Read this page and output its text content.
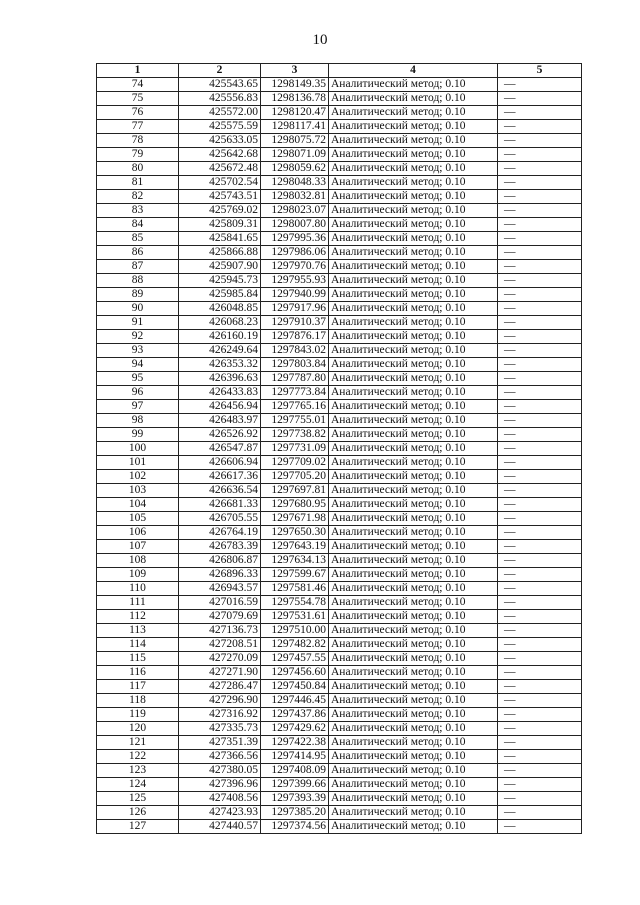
10
1	2	3	4	5
74	425543.65	1298149.35	Аналитический метод; 0.10	—
75	425556.83	1298136.78	Аналитический метод; 0.10	—
76	425572.00	1298120.47	Аналитический метод; 0.10	—
77	425575.59	1298117.41	Аналитический метод; 0.10	—
78	425633.05	1298075.72	Аналитический метод; 0.10	—
79	425642.68	1298071.09	Аналитический метод; 0.10	—
80	425672.48	1298059.62	Аналитический метод; 0.10	—
81	425702.54	1298048.33	Аналитический метод; 0.10	—
82	425743.51	1298032.81	Аналитический метод; 0.10	—
83	425769.02	1298023.07	Аналитический метод; 0.10	—
84	425809.31	1298007.80	Аналитический метод; 0.10	—
85	425841.65	1297995.36	Аналитический метод; 0.10	—
86	425866.88	1297986.06	Аналитический метод; 0.10	—
87	425907.90	1297970.76	Аналитический метод; 0.10	—
88	425945.73	1297955.93	Аналитический метод; 0.10	—
89	425985.84	1297940.99	Аналитический метод; 0.10	—
90	426048.85	1297917.96	Аналитический метод; 0.10	—
91	426068.23	1297910.37	Аналитический метод; 0.10	—
92	426160.19	1297876.17	Аналитический метод; 0.10	—
93	426249.64	1297843.02	Аналитический метод; 0.10	—
94	426353.32	1297803.84	Аналитический метод; 0.10	—
95	426396.63	1297787.80	Аналитический метод; 0.10	—
96	426433.83	1297773.84	Аналитический метод; 0.10	—
97	426456.94	1297765.16	Аналитический метод; 0.10	—
98	426483.97	1297755.01	Аналитический метод; 0.10	—
99	426526.92	1297738.82	Аналитический метод; 0.10	—
100	426547.87	1297731.09	Аналитический метод; 0.10	—
101	426606.94	1297709.02	Аналитический метод; 0.10	—
102	426617.36	1297705.20	Аналитический метод; 0.10	—
103	426636.54	1297697.81	Аналитический метод; 0.10	—
104	426681.33	1297680.95	Аналитический метод; 0.10	—
105	426705.55	1297671.98	Аналитический метод; 0.10	—
106	426764.19	1297650.30	Аналитический метод; 0.10	—
107	426783.39	1297643.19	Аналитический метод; 0.10	—
108	426806.87	1297634.13	Аналитический метод; 0.10	—
109	426896.33	1297599.67	Аналитический метод; 0.10	—
110	426943.57	1297581.46	Аналитический метод; 0.10	—
111	427016.59	1297554.78	Аналитический метод; 0.10	—
112	427079.69	1297531.61	Аналитический метод; 0.10	—
113	427136.73	1297510.00	Аналитический метод; 0.10	—
114	427208.51	1297482.82	Аналитический метод; 0.10	—
115	427270.09	1297457.55	Аналитический метод; 0.10	—
116	427271.90	1297456.60	Аналитический метод; 0.10	—
117	427286.47	1297450.84	Аналитический метод; 0.10	—
118	427296.90	1297446.45	Аналитический метод; 0.10	—
119	427316.92	1297437.86	Аналитический метод; 0.10	—
120	427335.73	1297429.62	Аналитический метод; 0.10	—
121	427351.39	1297422.38	Аналитический метод; 0.10	—
122	427366.56	1297414.95	Аналитический метод; 0.10	—
123	427380.05	1297408.09	Аналитический метод; 0.10	—
124	427396.96	1297399.66	Аналитический метод; 0.10	—
125	427408.56	1297393.39	Аналитический метод; 0.10	—
126	427423.93	1297385.20	Аналитический метод; 0.10	—
127	427440.57	1297374.56	Аналитический метод; 0.10	—
